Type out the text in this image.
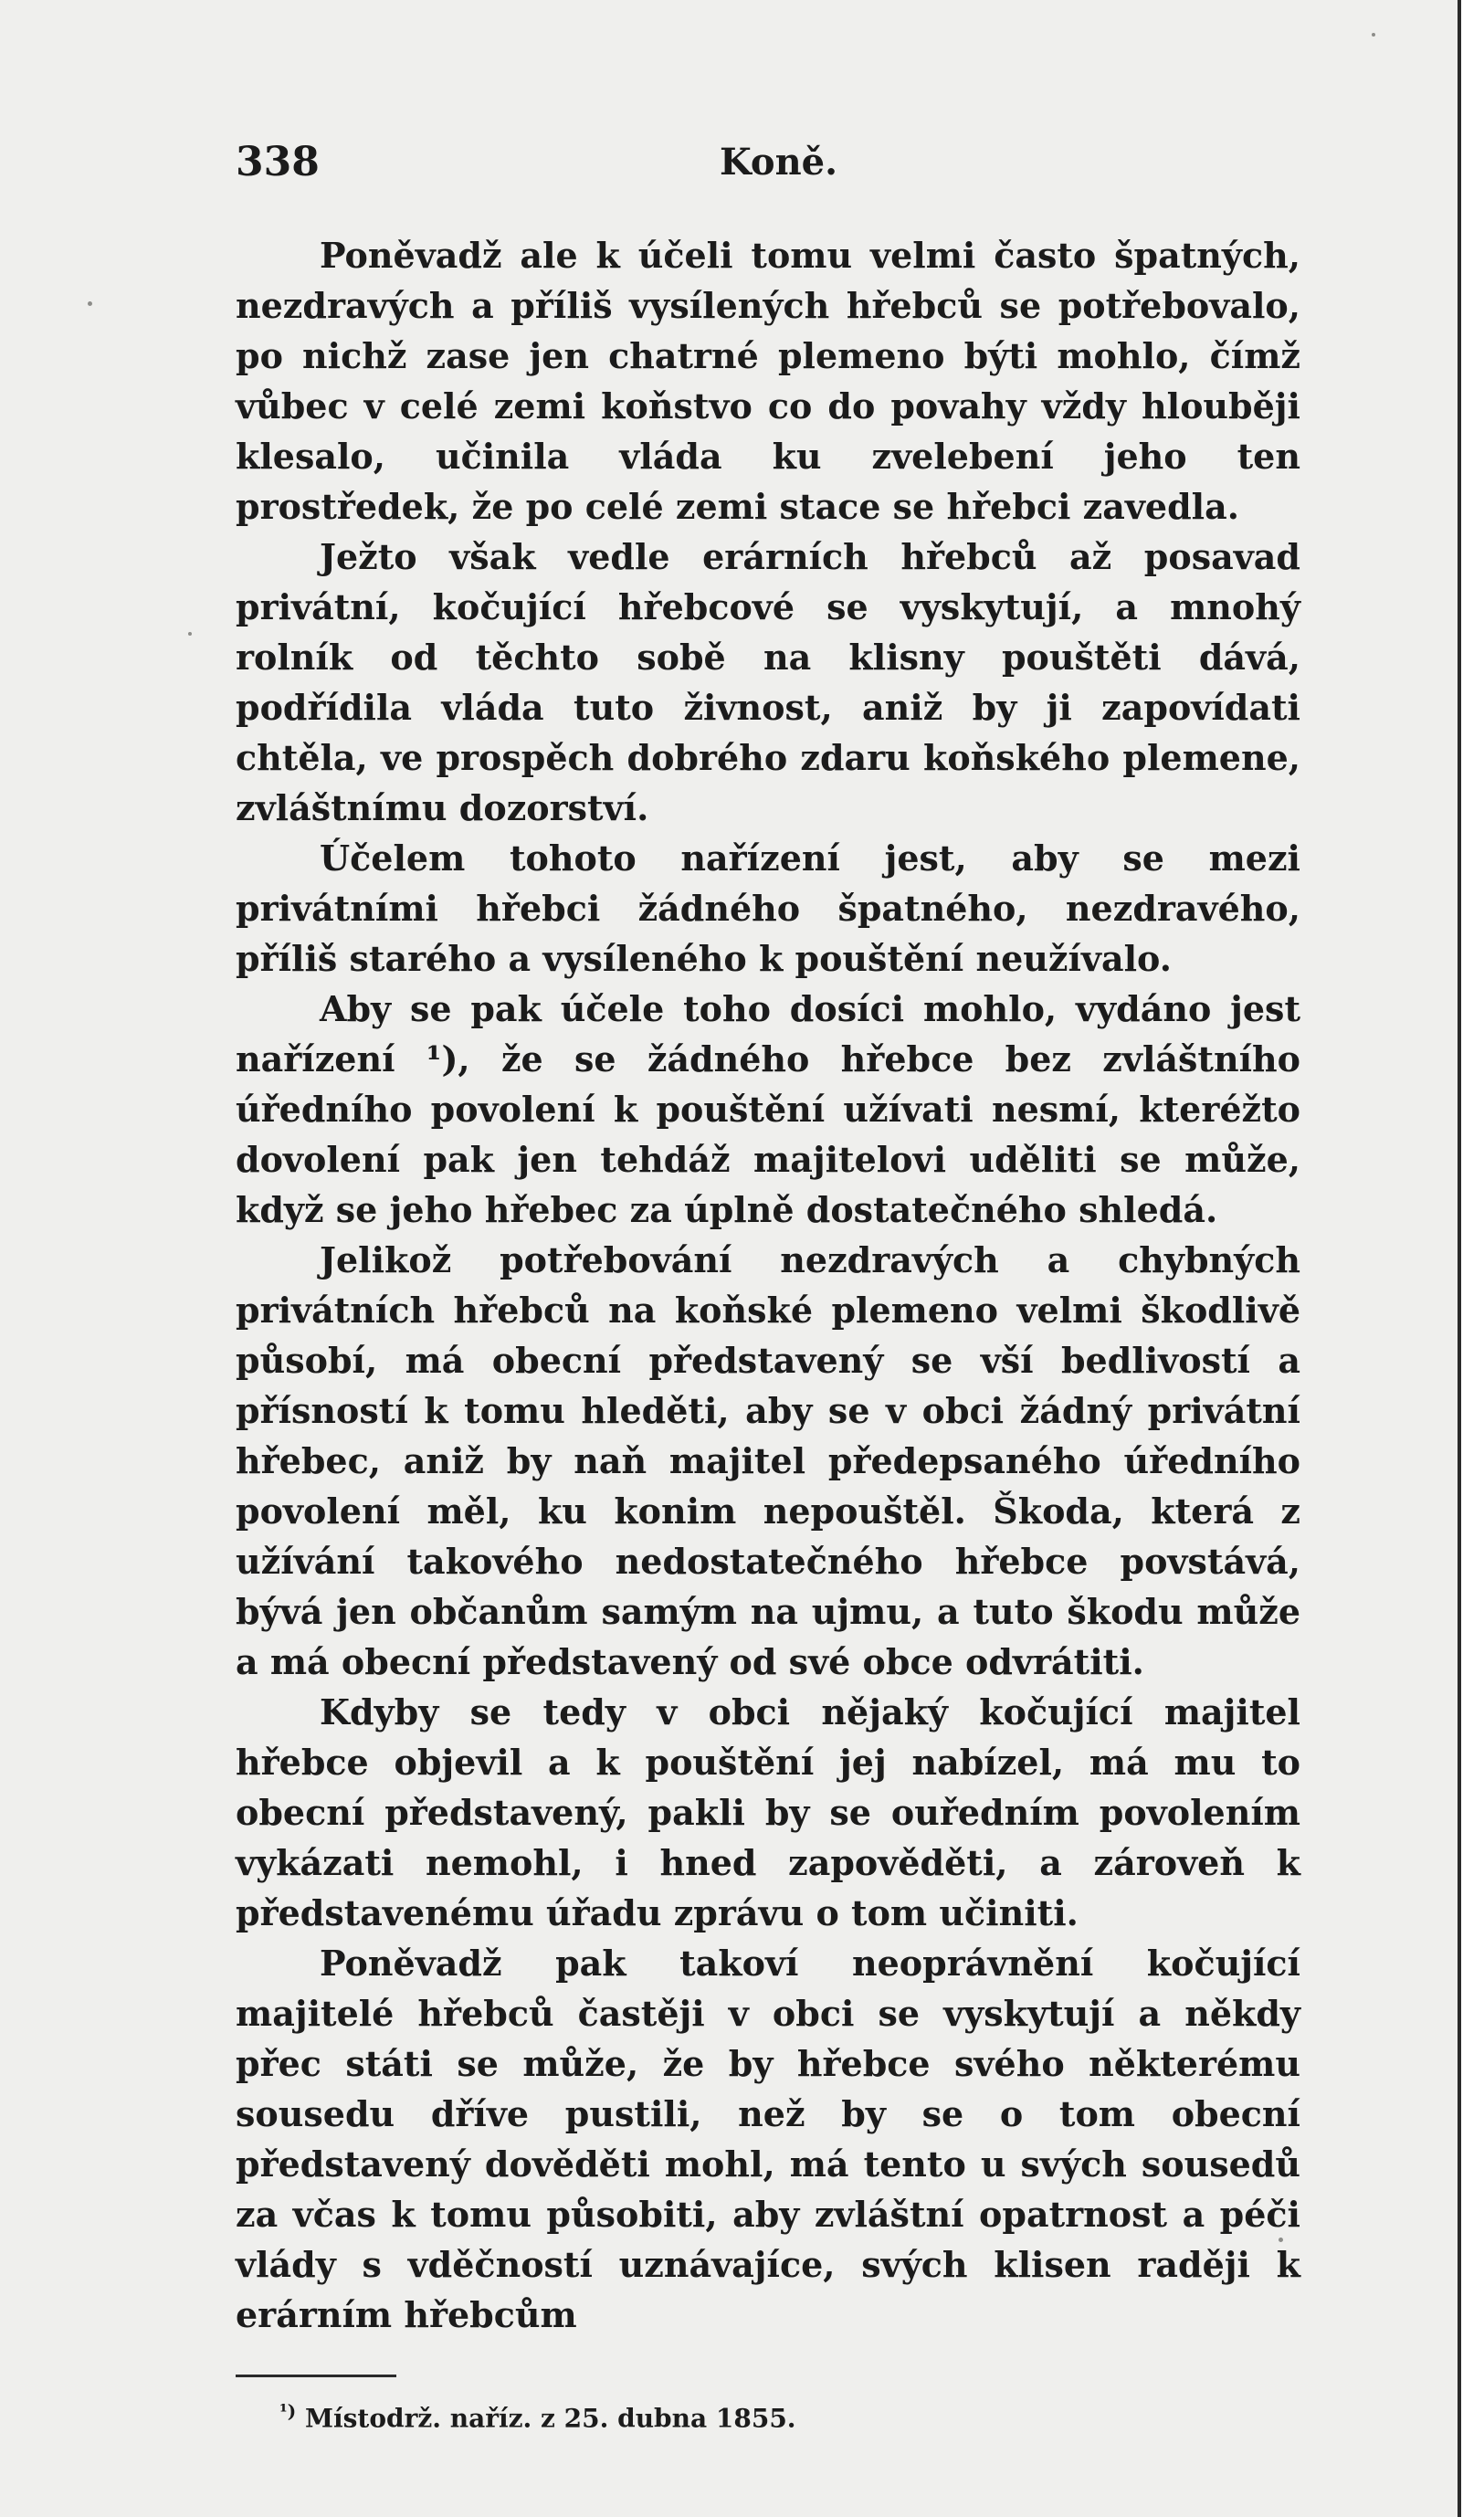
338	Koně.

Poněvadž ale k účeli tomu velmi často špatných, nezdravých a příliš vysílených hřebců se potřebovalo, po nichž zase jen chatrné plemeno býti mohlo, čímž vůbec v celé zemi koňstvo co do povahy vždy hlouběji klesalo, učinila vláda ku zvelebení jeho ten prostředek, že po celé zemi stace se hřebci zavedla.

Ježto však vedle erárních hřebců až posavad privátní, kočující hřebcové se vyskytují, a mnohý rolník od těchto sobě na klisny pouštěti dává, podřídila vláda tuto živnost, aniž by ji zapovídati chtěla, ve prospěch dobrého zdaru koňského plemene, zvláštnímu dozorství.

Účelem tohoto nařízení jest, aby se mezi privátními hřebci žádného špatného, nezdravého, příliš starého a vysíleného k pouštění neužívalo.

Aby se pak účele toho dosíci mohlo, vydáno jest nařízení ¹), že se žádného hřebce bez zvláštního úředního povolení k pouštění užívati nesmí, kteréžto dovolení pak jen tehdáž majitelovi uděliti se může, když se jeho hřebec za úplně dostatečného shledá.

Jelikož potřebování nezdravých a chybných privátních hřebců na koňské plemeno velmi škodlivě působí, má obecní představený se vší bedlivostí a přísností k tomu hleděti, aby se v obci žádný privátní hřebec, aniž by naň majitel předepsaného úředního povolení měl, ku konim nepouštěl. Škoda, která z užívání takového nedostatečného hřebce povstává, bývá jen občanům samým na ujmu, a tuto škodu může a má obecní představený od své obce odvrátiti.

Kdyby se tedy v obci nějaký kočující majitel hřebce objevil a k pouštění jej nabízel, má mu to obecní představený, pakli by se ouředním povolením vykázati nemohl, i hned zapověděti, a zároveň k představenému úřadu zprávu o tom učiniti.

Poněvadž pak takoví neoprávnění kočující majitelé hřebců častěji v obci se vyskytují a někdy přec státi se může, že by hřebce svého některému sousedu dříve pustili, než by se o tom obecní představený dověděti mohl, má tento u svých sousedů za včas k tomu působiti, aby zvláštní opatrnost a péči vlády s vděčností uznávajíce, svých klisen raději k erárním hřebcům

$^{^1)}$ Místodrž. naříz. z 25. dubna 1855.
